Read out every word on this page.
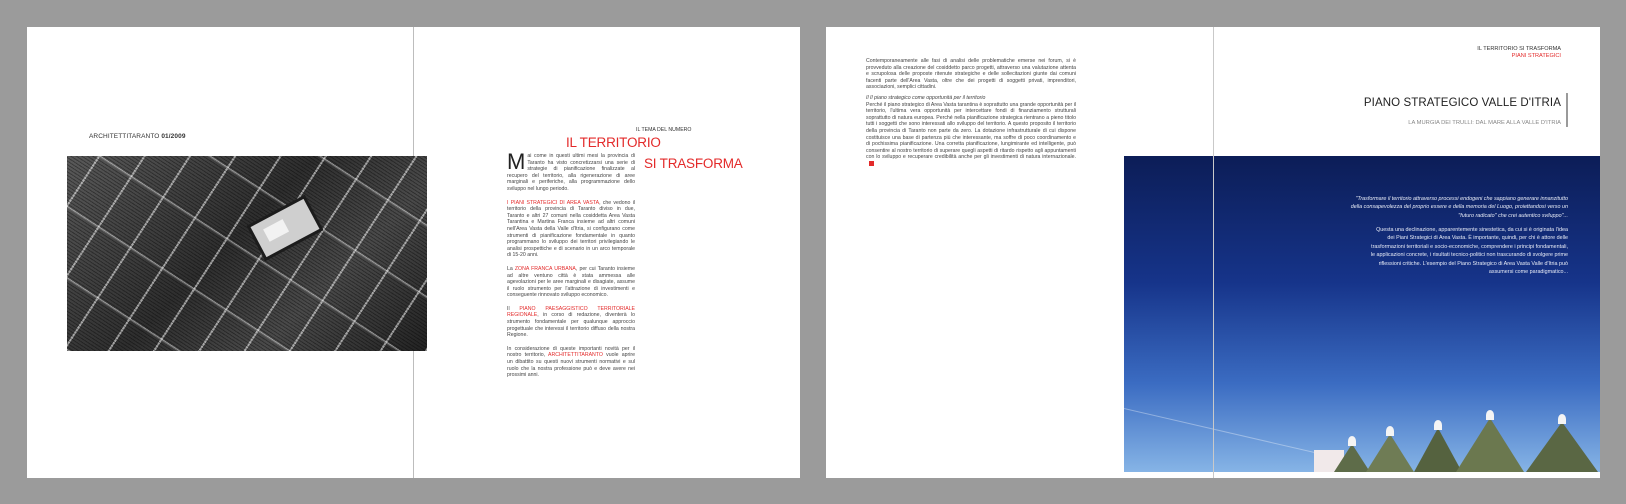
ARCHITETTITARANTO 01/2009
IL TEMA DEL NUMERO
IL TERRITORIO
SI TRASFORMA

M ai come in questi ultimi mesi la provincia di Taranto ha visto concretizzarsi una serie di strategie di pianificazione finalizzate al recupero del territorio, alla rigenerazione di aree marginali e periferiche, alla programmazione dello sviluppo nel lungo periodo.

I PIANI STRATEGICI DI AREA VASTA, che vedono il territorio della provincia di Taranto diviso in due, Taranto e altri 27 comuni nella cosiddetta Area Vasta Tarantina e Martina Franca insieme ad altri comuni nell'Area Vasta della Valle d'Itria, si configurano come strumenti di pianificazione fondamentale in quanto programmano lo sviluppo dei territori privilegiando le analisi prospettiche e di scenario in un arco temporale di 15-20 anni.

La ZONA FRANCA URBANA, per cui Taranto insieme ad altre ventuno città è stata ammessa alle agevolazioni per le aree marginali e disagiate, assume il ruolo strumento per l'attrazione di investimenti e conseguente rinnovato sviluppo economico.

Il PIANO PAESAGGISTICO TERRITORIALE REGIONALE, in corso di redazione, diventerà lo strumento fondamentale per qualunque approccio progettuale che interessi il territorio diffuso della nostra Regione.

In considerazione di queste importanti novità per il nostro territorio, ARCHITETTITARANTO vuole aprire un dibattito su questi nuovi strumenti normativi e sul ruolo che la nostra professione può e deve avere nei prossimi anni.

"Trasformare il territorio attraverso processi endogeni che sappiano generare innanzitutto della consapevolezza del proprio essere e della memoria del Luogo, proiettandosi verso un "futuro radicato" che crei autentico sviluppo"...
Questa una declinazione, apparentemente sinestetica, da cui si è originata l'idea dei Piani Strategici di Area Vasta. È importante, quindi, per chi è attore delle trasformazioni territoriali e socio-economiche, comprendere i principi fondamentali, le applicazioni concrete, i risultati tecnico-politici non trascurando di svolgere prime riflessioni critiche. L'esempio del Piano Strategico di Area Vasta Valle d'Itria può assumersi come paradigmatico...

Contemporaneamente alle fasi di analisi delle problematiche emerse nei forum, si è provveduto alla creazione del cosiddetto parco progetti, attraverso una valutazione attenta e scrupolosa delle proposte ritenute strategiche e delle sollecitazioni giunte dai comuni facenti parte dell'Area Vasta, oltre che dei progetti di soggetti privati, imprenditori, associazioni, semplici cittadini.

Il Il piano strategico come opportunità per il territorio

Perché il piano strategico di Area Vasta tarantina è soprattutto una grande opportunità per il territorio, l'ultima vera opportunità per intercettare fondi di finanziamento strutturali soprattutto di natura europea. Perché nella pianificazione strategica rientrano a pieno titolo tutti i soggetti che sono interessati allo sviluppo del territorio. A questo proposito il territorio della provincia di Taranto non parte da zero. La dotazione infrastrutturale di cui dispone costituisce una base di partenza più che interessante, ma soffre di poco coordinamento e di pochissima pianificazione. Una corretta pianificazione, lungimirante ed intelligente, può consentire al nostro territorio di superare quegli aspetti di ritardo rispetto agli appuntamenti con lo sviluppo e recuperare credibilità anche per gli investimenti di natura internazionale.

IL TERRITORIO SI TRASFORMA
PIANI STRATEGICI
PIANO STRATEGICO VALLE D'ITRIA
LA MURGIA DEI TRULLI: DAL MARE ALLA VALLE D'ITRIA
